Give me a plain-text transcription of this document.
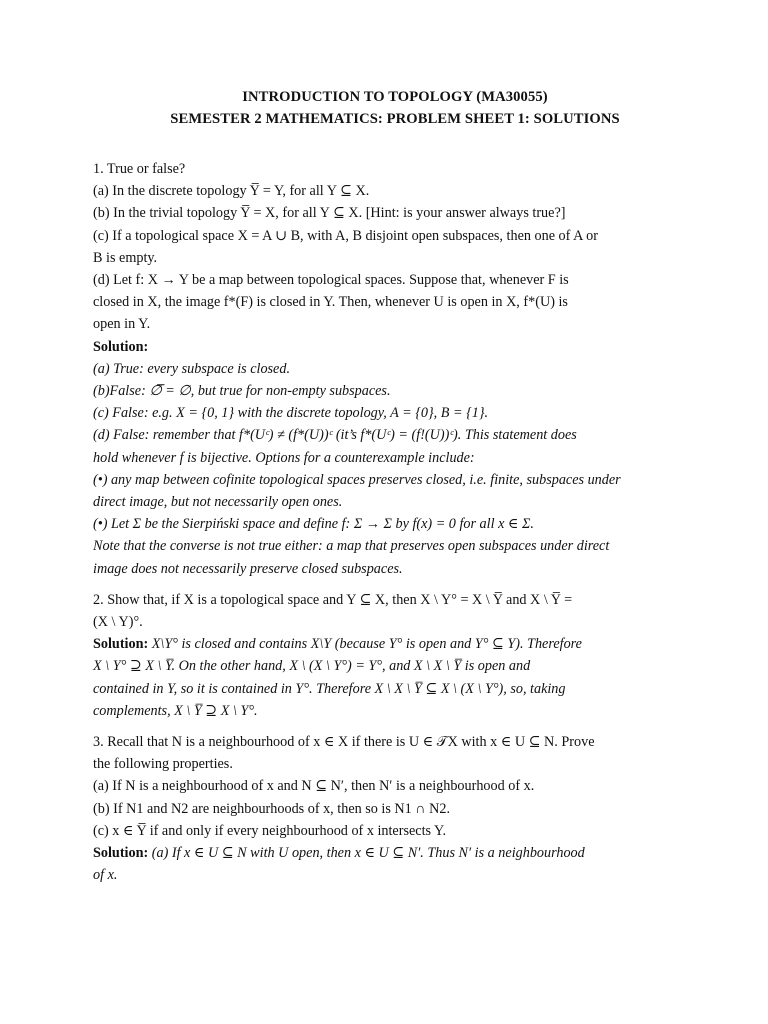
INTRODUCTION TO TOPOLOGY (MA30055)
SEMESTER 2 MATHEMATICS: PROBLEM SHEET 1: SOLUTIONS
1. True or false?
(a) In the discrete topology Y̅ = Y, for all Y ⊆ X.
(b) In the trivial topology Y̅ = X, for all Y ⊆ X. [Hint: is your answer always true?]
(c) If a topological space X = A ∪ B, with A, B disjoint open subspaces, then one of A or
B is empty.
(d) Let f: X → Y be a map between topological spaces. Suppose that, whenever F is
closed in X, the image f*(F) is closed in Y. Then, whenever U is open in X, f*(U) is
open in Y.
Solution:
(a) True: every subspace is closed.
(b)False: ∅̅ = ∅, but true for non-empty subspaces.
(c) False: e.g. X = {0, 1} with the discrete topology, A = {0}, B = {1}.
(d) False: remember that f*(Uᶜ) ≠ (f*(U))ᶜ (it’s f*(Uᶜ) = (f!(U))ᶜ). This statement does
hold whenever f is bijective. Options for a counterexample include:
(•) any map between cofinite topological spaces preserves closed, i.e. finite, subspaces under
direct image, but not necessarily open ones.
(•) Let Σ be the Sierpiński space and define f: Σ → Σ by f(x) = 0 for all x ∈ Σ.
Note that the converse is not true either: a map that preserves open subspaces under direct
image does not necessarily preserve closed subspaces.
2. Show that, if X is a topological space and Y ⊆ X, then X \ Y° = X \ Y̅ and X \ Y̅ =
(X \ Y)°.
Solution: X\Y° is closed and contains X\Y (because Y° is open and Y° ⊆ Y). Therefore
X \ Y° ⊇ X \ Y̅. On the other hand, X \ (X \ Y°) = Y°, and X \ X \ Y̅ is open and
contained in Y, so it is contained in Y°. Therefore X \ X \ Y̅ ⊆ X \ (X \ Y°), so, taking
complements, X \ Y̅ ⊇ X \ Y°.
3. Recall that N is a neighbourhood of x ∈ X if there is U ∈ 𝒯X with x ∈ U ⊆ N. Prove
the following properties.
(a) If N is a neighbourhood of x and N ⊆ N′, then N′ is a neighbourhood of x.
(b) If N1 and N2 are neighbourhoods of x, then so is N1 ∩ N2.
(c) x ∈ Y̅ if and only if every neighbourhood of x intersects Y.
Solution: (a) If x ∈ U ⊆ N with U open, then x ∈ U ⊆ N′. Thus N′ is a neighbourhood
of x.
